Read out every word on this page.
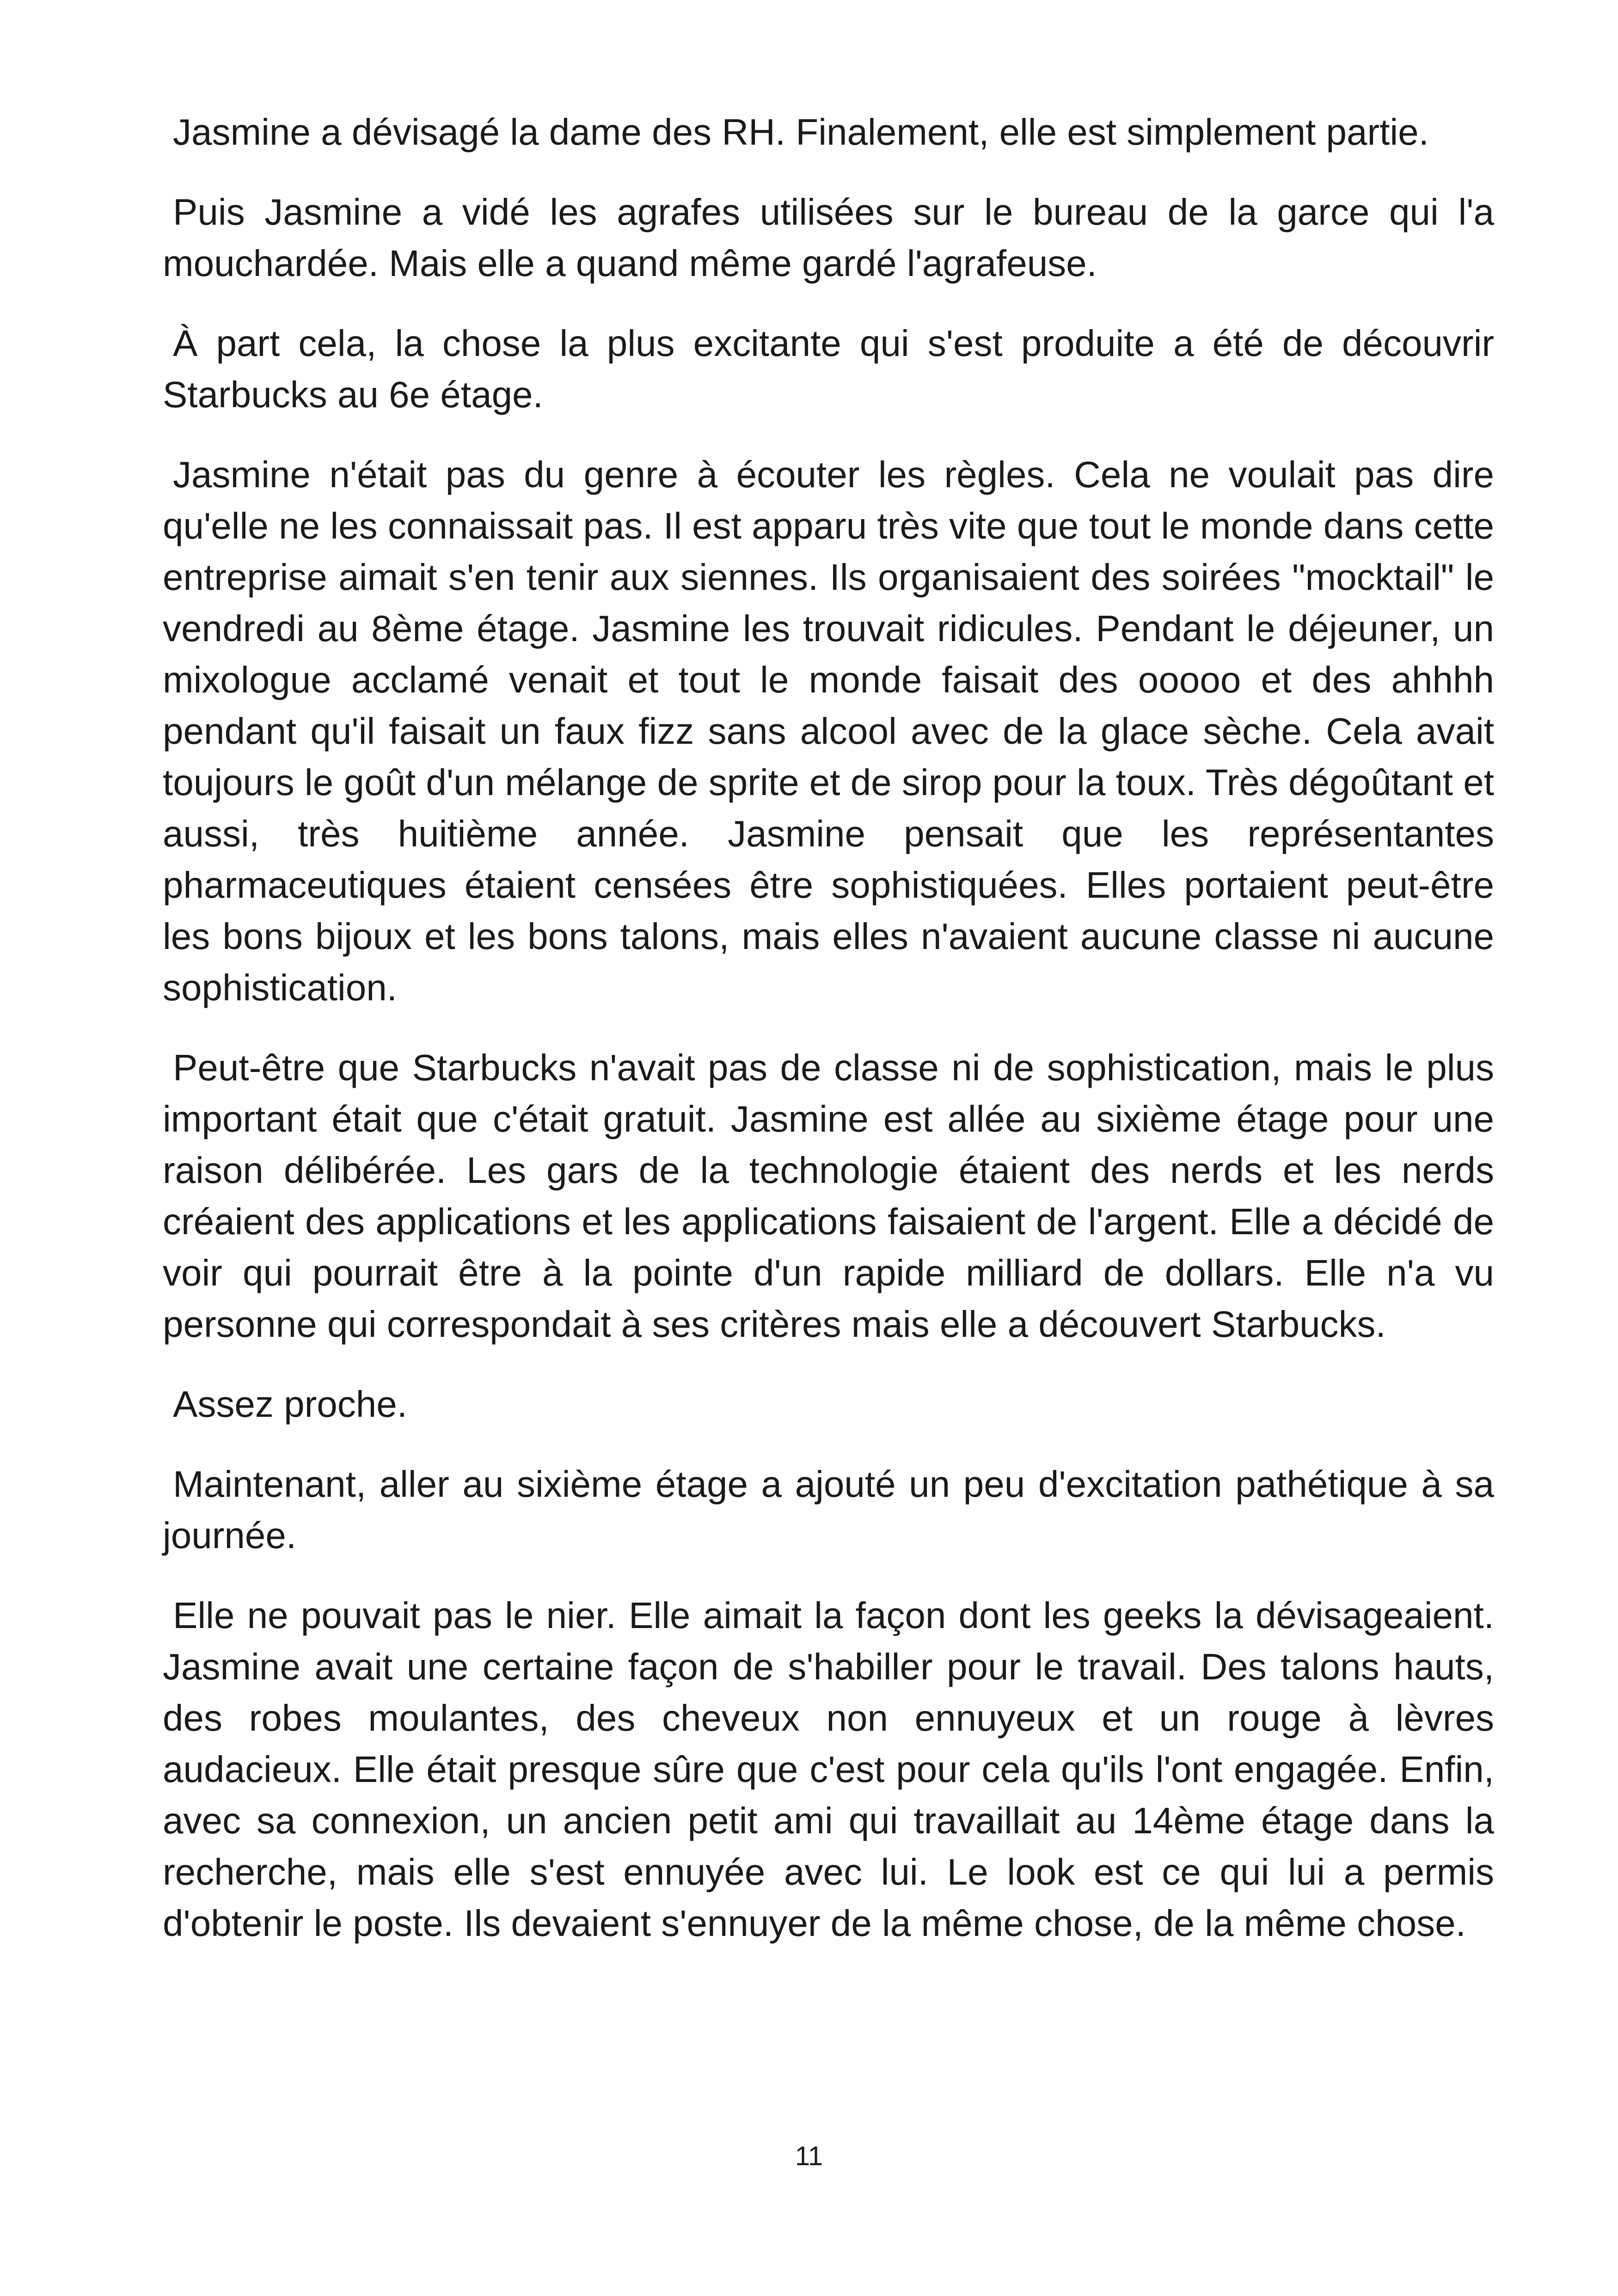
Jasmine a dévisagé la dame des RH. Finalement, elle est simplement partie.

Puis Jasmine a vidé les agrafes utilisées sur le bureau de la garce qui l'a mouchardée. Mais elle a quand même gardé l'agrafeuse.

À part cela, la chose la plus excitante qui s'est produite a été de découvrir Starbucks au 6e étage.

Jasmine n'était pas du genre à écouter les règles. Cela ne voulait pas dire qu'elle ne les connaissait pas. Il est apparu très vite que tout le monde dans cette entreprise aimait s'en tenir aux siennes. Ils organisaient des soirées "mocktail" le vendredi au 8ème étage. Jasmine les trouvait ridicules. Pendant le déjeuner, un mixologue acclamé venait et tout le monde faisait des ooooo et des ahhhh pendant qu'il faisait un faux fizz sans alcool avec de la glace sèche. Cela avait toujours le goût d'un mélange de sprite et de sirop pour la toux. Très dégoûtant et aussi, très huitième année. Jasmine pensait que les représentantes pharmaceutiques étaient censées être sophistiquées. Elles portaient peut-être les bons bijoux et les bons talons, mais elles n'avaient aucune classe ni aucune sophistication.

Peut-être que Starbucks n'avait pas de classe ni de sophistication, mais le plus important était que c'était gratuit. Jasmine est allée au sixième étage pour une raison délibérée. Les gars de la technologie étaient des nerds et les nerds créaient des applications et les applications faisaient de l'argent. Elle a décidé de voir qui pourrait être à la pointe d'un rapide milliard de dollars. Elle n'a vu personne qui correspondait à ses critères mais elle a découvert Starbucks.

Assez proche.

Maintenant, aller au sixième étage a ajouté un peu d'excitation pathétique à sa journée.

Elle ne pouvait pas le nier. Elle aimait la façon dont les geeks la dévisageaient. Jasmine avait une certaine façon de s'habiller pour le travail. Des talons hauts, des robes moulantes, des cheveux non ennuyeux et un rouge à lèvres audacieux. Elle était presque sûre que c'est pour cela qu'ils l'ont engagée. Enfin, avec sa connexion, un ancien petit ami qui travaillait au 14ème étage dans la recherche, mais elle s'est ennuyée avec lui. Le look est ce qui lui a permis d'obtenir le poste. Ils devaient s'ennuyer de la même chose, de la même chose.

11
